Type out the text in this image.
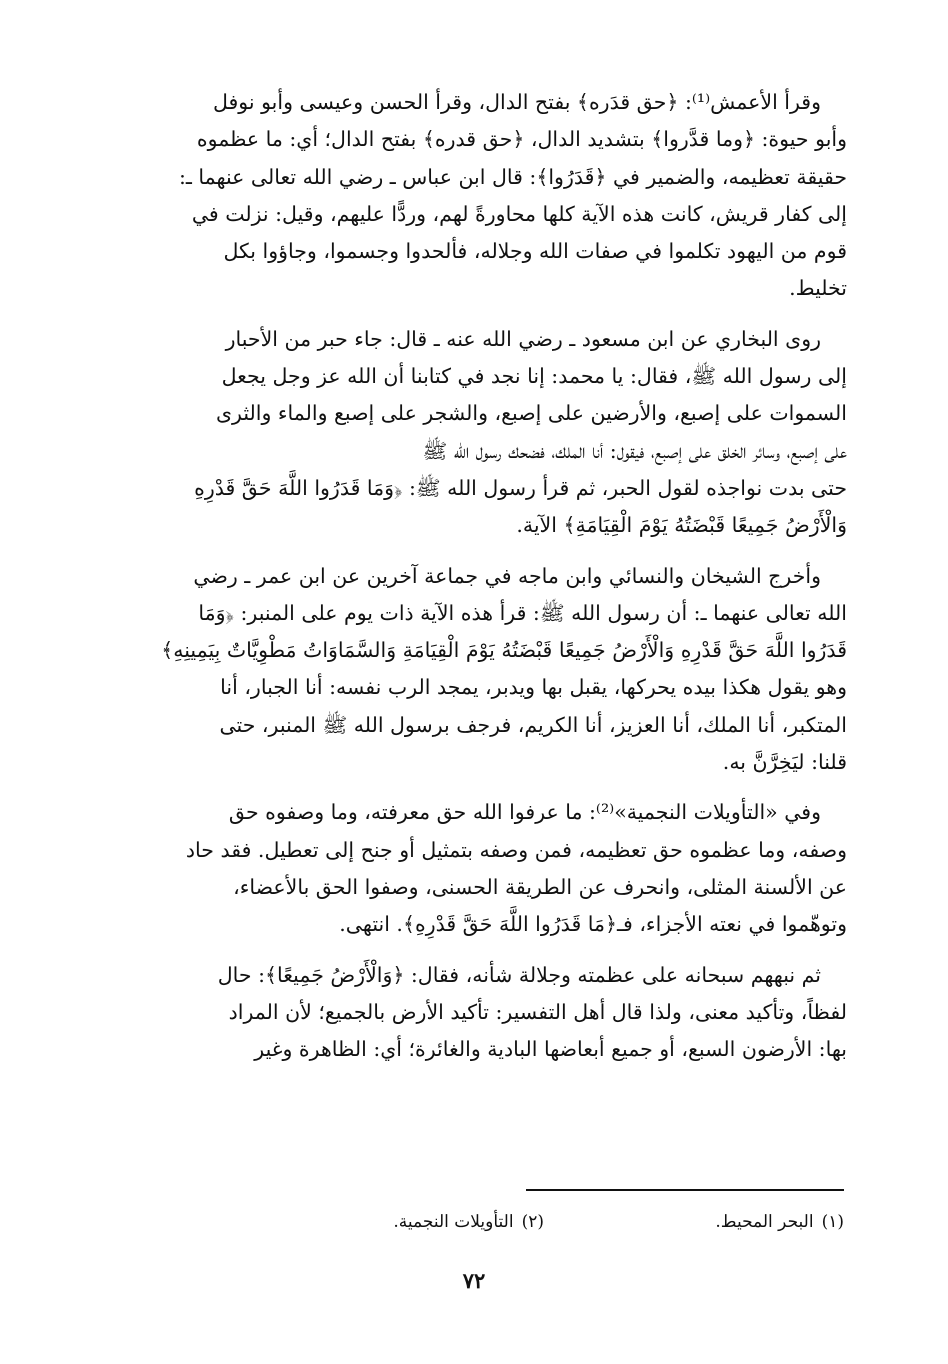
وقرأ الأعمش⁽¹⁾: ﴿حق قدَره﴾ بفتح الدال، وقرأ الحسن وعيسى وأبو نوفل
وأبو حيوة: ﴿وما قدَّروا﴾ بتشديد الدال، ﴿حق قدره﴾ بفتح الدال؛ أي: ما عظموه
حقيقة تعظيمه، والضمير في ﴿قَدَرُوا﴾: قال ابن عباس ـ رضي الله تعالى عنهما ـ:
إلى كفار قريش، كانت هذه الآية كلها محاورةً لهم، وردًّا عليهم، وقيل: نزلت في
قوم من اليهود تكلموا في صفات الله وجلاله، فألحدوا وجسموا، وجاؤوا بكل
تخليط.

روى البخاري عن ابن مسعود ـ رضي الله عنه ـ قال: جاء حبر من الأحبار
إلى رسول الله ﷺ، فقال: يا محمد: إنا نجد في كتابنا أن الله عز وجل يجعل
السموات على إصبع، والأرضين على إصبع، والشجر على إصبع والماء والثرى
على إصبع، وسائر الخلق على إصبع، فيقول: أنا الملك، فضحك رسول الله ﷺ
حتى بدت نواجذه لقول الحبر، ثم قرأ رسول الله ﷺ: ﴿وَمَا قَدَرُوا اللَّهَ حَقَّ قَدْرِهِ
وَالْأَرْضُ جَمِيعًا قَبْضَتُهُ يَوْمَ الْقِيَامَةِ﴾ الآية.

وأخرج الشيخان والنسائي وابن ماجه في جماعة آخرين عن ابن عمر ـ رضي
الله تعالى عنهما ـ: أن رسول الله ﷺ: قرأ هذه الآية ذات يوم على المنبر: ﴿وَمَا
قَدَرُوا اللَّهَ حَقَّ قَدْرِهِ وَالْأَرْضُ جَمِيعًا قَبْضَتُهُ يَوْمَ الْقِيَامَةِ وَالسَّمَاوَاتُ مَطْوِيَّاتٌ بِيَمِينِهِ﴾
وهو يقول هكذا بيده يحركها، يقبل بها ويدبر، يمجد الرب نفسه: أنا الجبار، أنا
المتكبر، أنا الملك، أنا العزيز، أنا الكريم، فرجف برسول الله ﷺ المنبر، حتى
قلنا: ليَخِرَّنَّ به.

وفي «التأويلات النجمية»⁽²⁾: ما عرفوا الله حق معرفته، وما وصفوه حق
وصفه، وما عظموه حق تعظيمه، فمن وصفه بتمثيل أو جنح إلى تعطيل. فقد حاد
عن الألسنة المثلى، وانحرف عن الطريقة الحسنى، وصفوا الحق بالأعضاء،
وتوهّموا في نعته الأجزاء، فـ﴿مَا قَدَرُوا اللَّهَ حَقَّ قَدْرِهِ﴾. انتهى.

ثم نبههم سبحانه على عظمته وجلالة شأنه، فقال: ﴿وَالْأَرْضُ جَمِيعًا﴾: حال
لفظاً، وتأكيد معنى، ولذا قال أهل التفسير: تأكيد الأرض بالجميع؛ لأن المراد
بها: الأرضون السبع، أو جميع أبعاضها البادية والغائرة؛ أي: الظاهرة وغير

(١)البحر المحيط.
(٢)التأويلات النجمية.
٧٢
